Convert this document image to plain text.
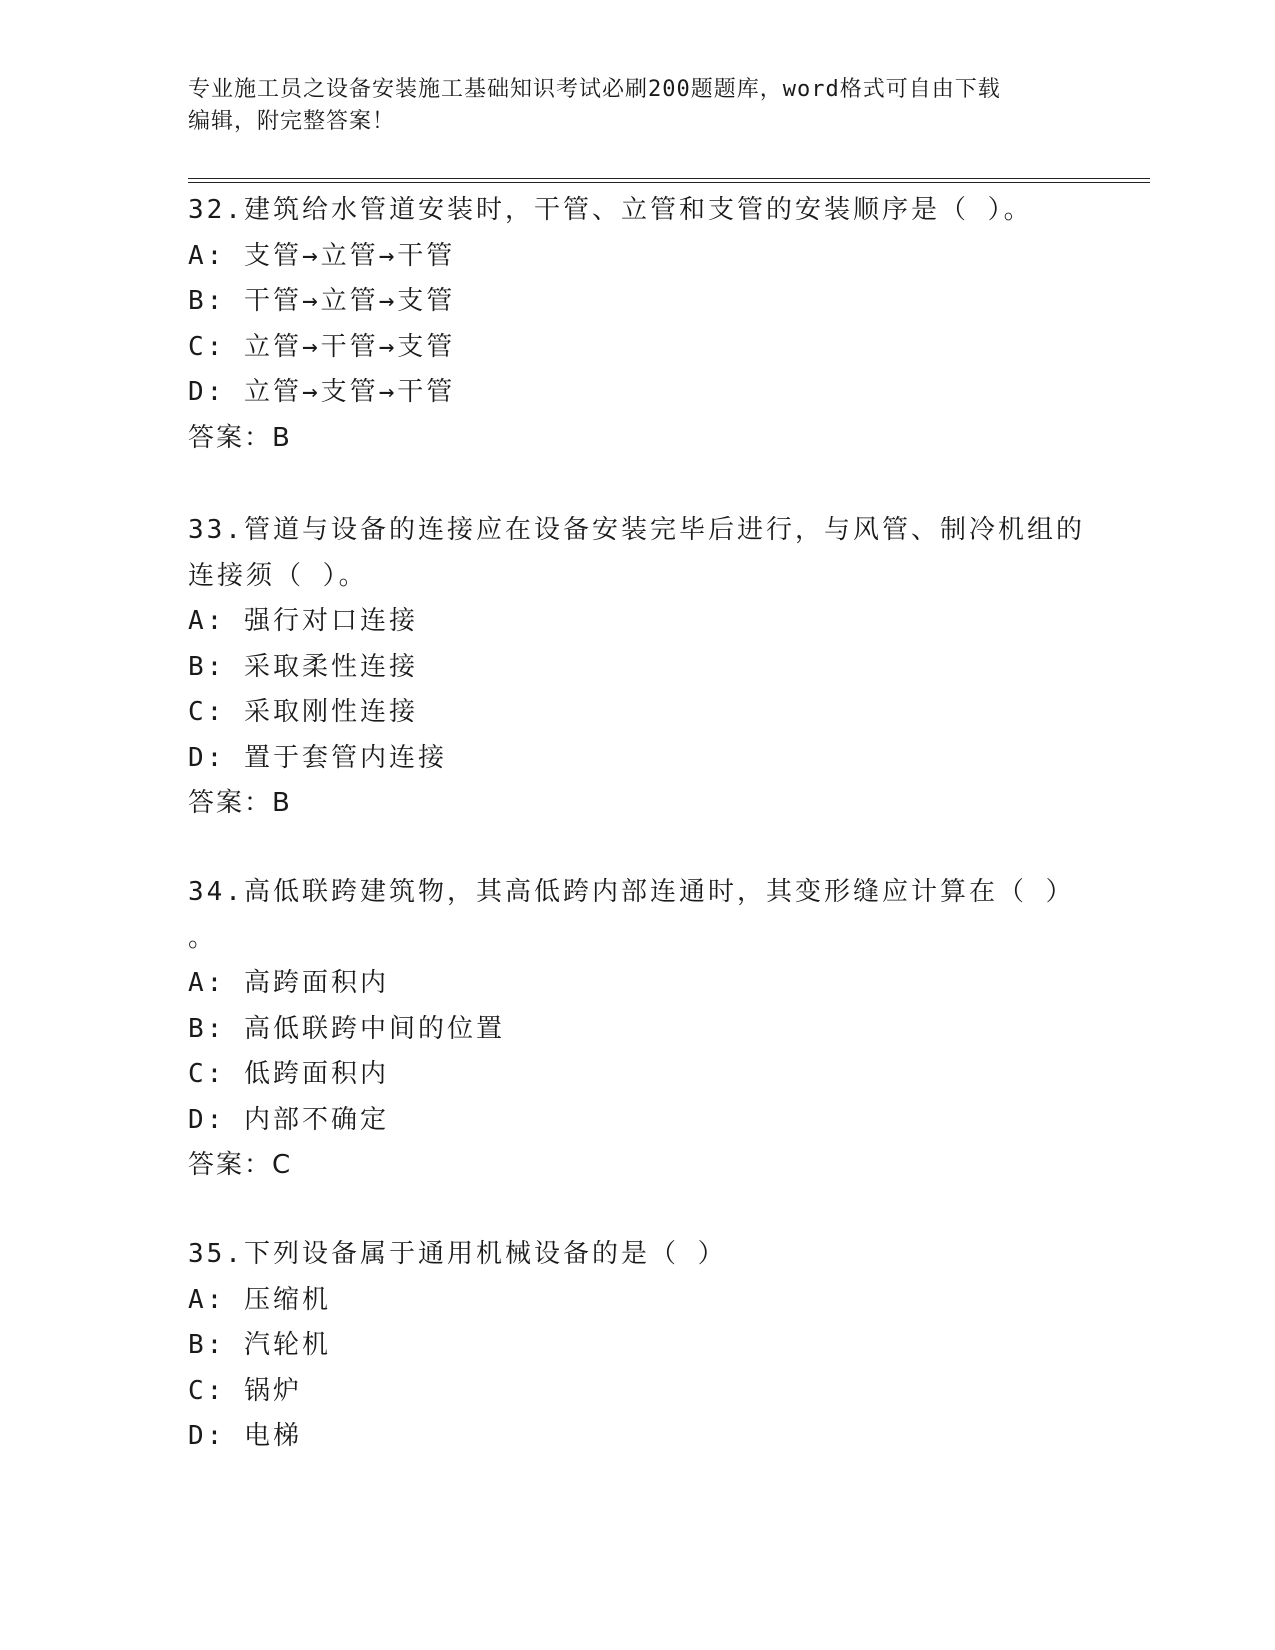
专业施工员之设备安装施工基础知识考试必刷200题题库，word格式可自由下载
编辑，附完整答案！
32.建筑给水管道安装时，干管、立管和支管的安装顺序是（ ）。
A: 支管→立管→干管
B: 干管→立管→支管
C: 立管→干管→支管
D: 立管→支管→干管
答案：B
33.管道与设备的连接应在设备安装完毕后进行，与风管、制冷机组的
连接须（ ）。
A: 强行对口连接
B: 采取柔性连接
C: 采取刚性连接
D: 置于套管内连接
答案：B
34.高低联跨建筑物，其高低跨内部连通时，其变形缝应计算在（ ）
。
A: 高跨面积内
B: 高低联跨中间的位置
C: 低跨面积内
D: 内部不确定
答案：C
35.下列设备属于通用机械设备的是（ ）
A: 压缩机
B: 汽轮机
C: 锅炉
D: 电梯
